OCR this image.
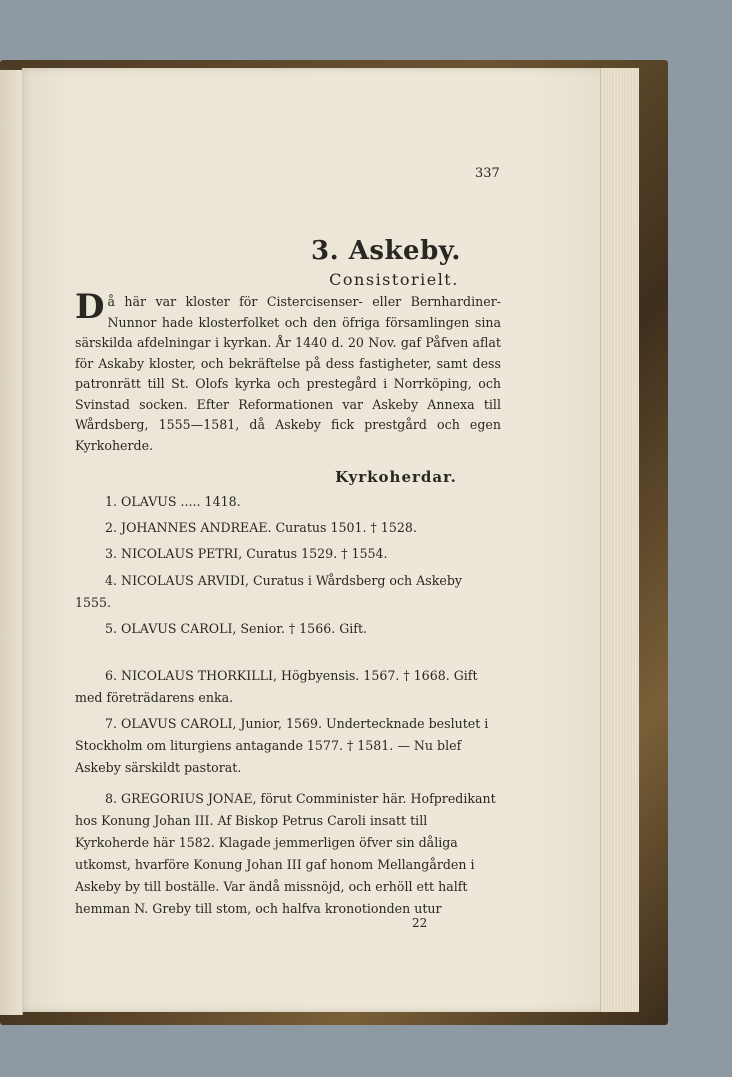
337
3. Askeby.
Consistorielt.
Då här var kloster för Cistercisenser- eller Bernhardiner-Nunnor hade klosterfolket och den öfriga församlingen sina särskilda afdelningar i kyrkan. År 1440 d. 20 Nov. gaf Påfven aflat för Askaby kloster, och bekräftelse på dess fastigheter, samt dess patronrätt till St. Olofs kyrka och prestegård i Norrköping, och Svinstad socken. Efter Reformationen var Askeby Annexa till Wårdsberg, 1555—1581, då Askeby fick prestgård och egen Kyrkoherde.
Kyrkoherdar.
1. OLAVUS ..... 1418.
2. JOHANNES ANDREAE. Curatus 1501. † 1528.
3. NICOLAUS PETRI, Curatus 1529. † 1554.
4. NICOLAUS ARVIDI, Curatus i Wårdsberg och Askeby 1555.
5. OLAVUS CAROLI, Senior. † 1566. Gift.
6. NICOLAUS THORKILLI, Högbyensis. 1567. † 1668. Gift med företrädarens enka.
7. OLAVUS CAROLI, Junior, 1569. Undertecknade beslutet i Stockholm om liturgiens antagande 1577. † 1581. — Nu blef Askeby särskildt pastorat.
8. GREGORIUS JONAE, förut Comminister här. Hofpredikant hos Konung Johan III. Af Biskop Petrus Caroli insatt till Kyrkoherde här 1582. Klagade jemmerligen öfver sin dåliga utkomst, hvarföre Konung Johan III gaf honom Mellangården i Askeby by till boställe. Var ändå missnöjd, och erhöll ett halft hemman N. Greby till stom, och halfva kronotionden utur
22
